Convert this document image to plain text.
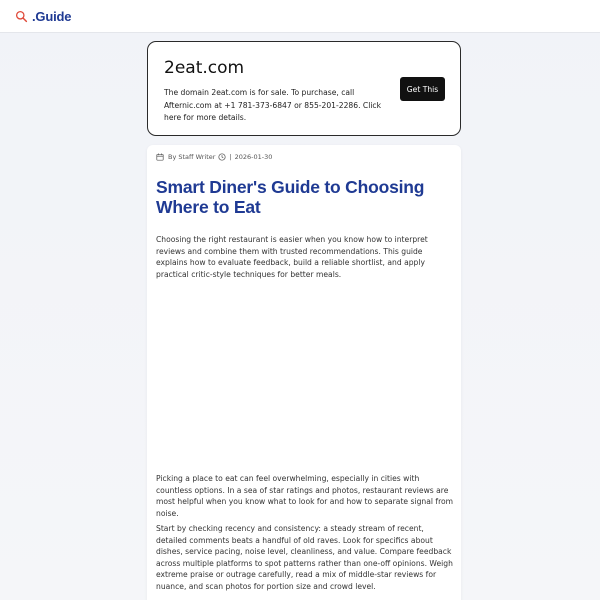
.Guide
2eat.com
The domain 2eat.com is for sale. To purchase, call Afternic.com at +1 781-373-6847 or 855-201-2286. Click here for more details.
Get This
By Staff Writer | 2026-01-30
Smart Diner's Guide to Choosing Where to Eat

Choosing the right restaurant is easier when you know how to interpret reviews and combine them with trusted recommendations. This guide explains how to evaluate feedback, build a reliable shortlist, and apply practical critic-style techniques for better meals.

Picking a place to eat can feel overwhelming, especially in cities with countless options. In a sea of star ratings and photos, restaurant reviews are most helpful when you know what to look for and how to separate signal from noise.

Start by checking recency and consistency: a steady stream of recent, detailed comments beats a handful of old raves. Look for specifics about dishes, service pacing, noise level, cleanliness, and value. Compare feedback across multiple platforms to spot patterns rather than one-off opinions. Weigh extreme praise or outrage carefully, read a mix of middle-star reviews for nuance, and scan photos for portion size and crowd level.
